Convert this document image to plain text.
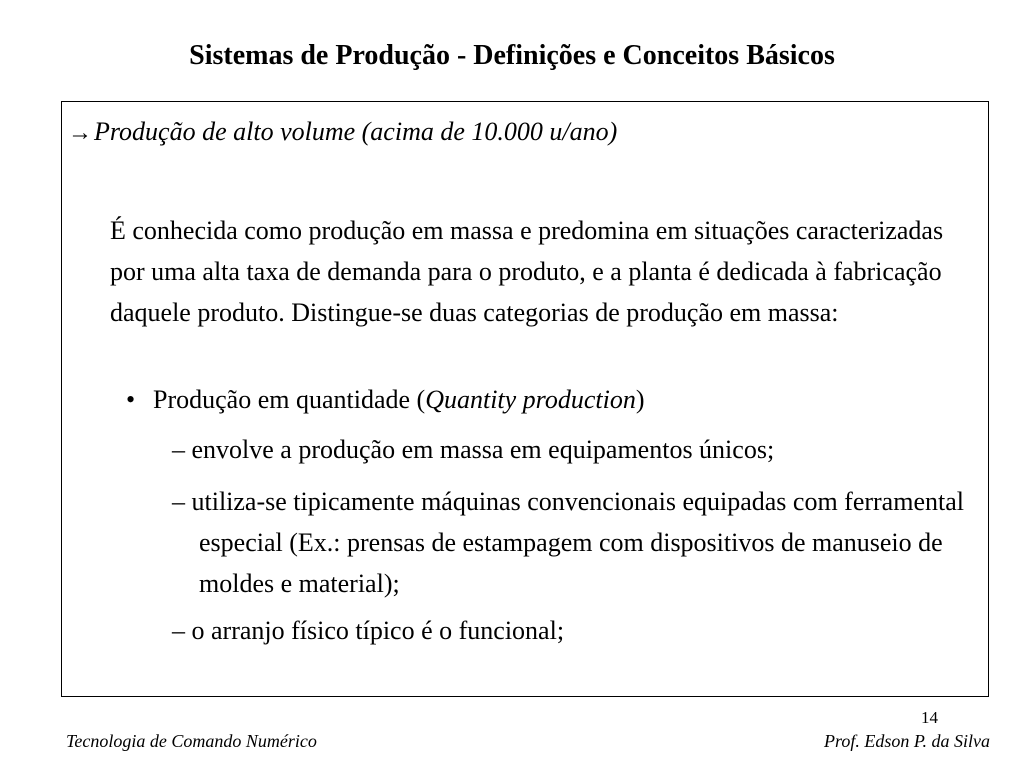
Sistemas de Produção - Definições e Conceitos Básicos
→Produção de alto volume (acima de 10.000 u/ano)

É conhecida como produção em massa e predomina em situações caracterizadas por uma alta taxa de demanda para o produto, e a planta é dedicada à fabricação daquele produto. Distingue-se duas categorias de produção em massa:

• Produção em quantidade (Quantity production)

– envolve a produção em massa em equipamentos únicos;

– utiliza-se tipicamente máquinas convencionais equipadas com ferramental especial (Ex.: prensas de estampagem com dispositivos de manuseio de moldes e material);

– o arranjo físico típico é o funcional;

14
Tecnologia de Comando Numérico	Prof. Edson P. da Silva
